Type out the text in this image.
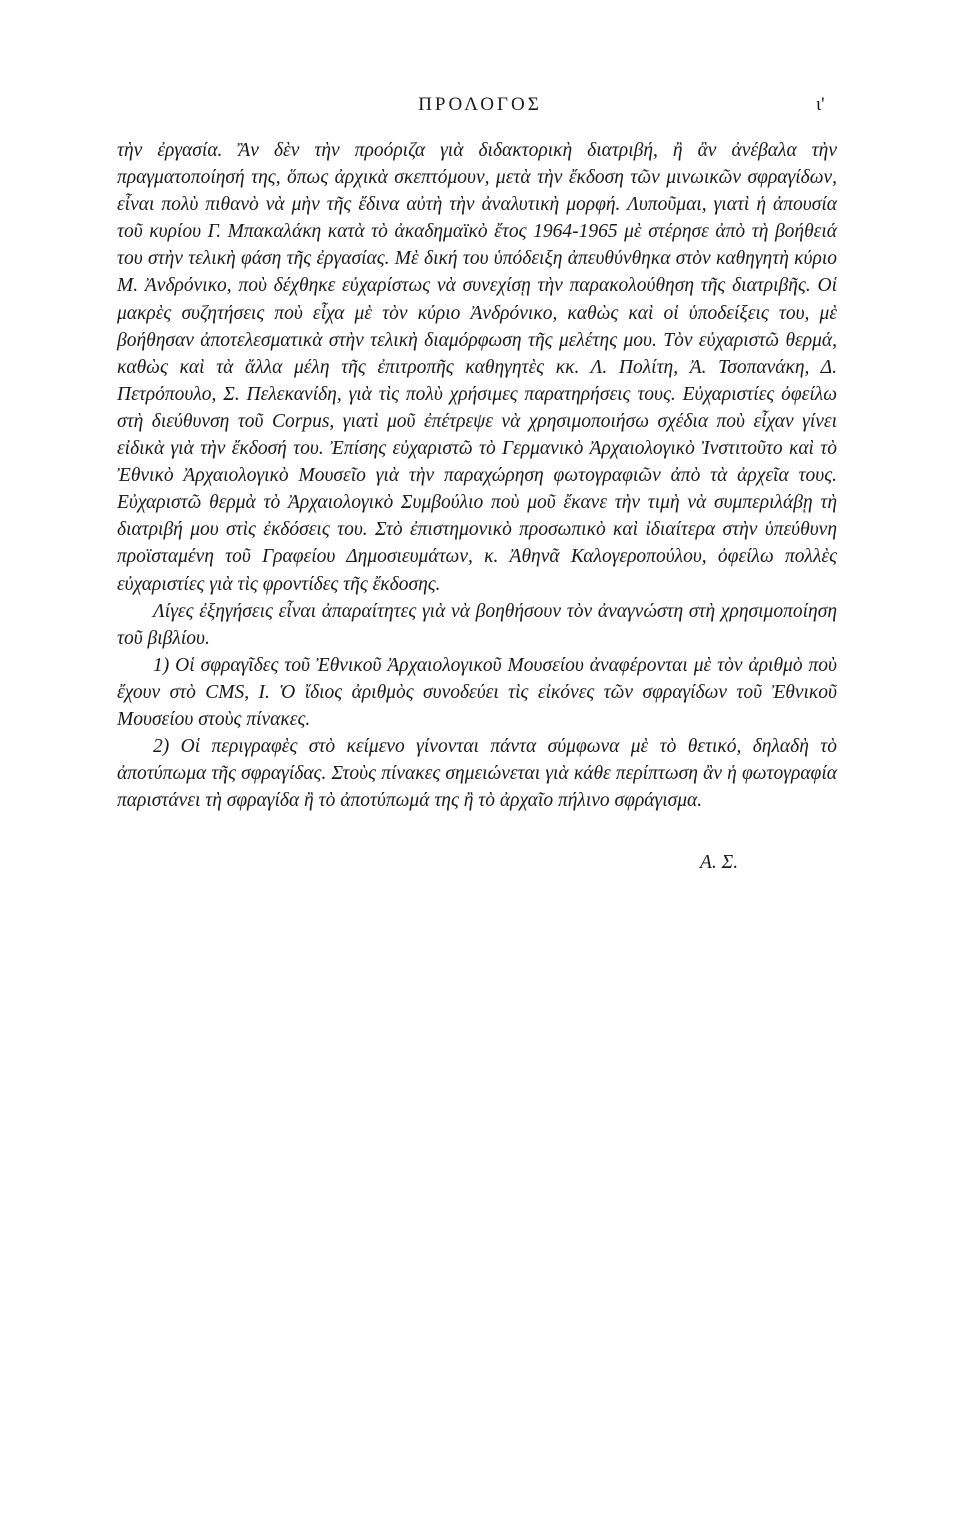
ΠΡΟΛΟΓΟΣ	ι'

τὴν ἐργασία. Ἂν δὲν τὴν προόριζα γιὰ διδακτορικὴ διατριβή, ἢ ἂν ἀνέβαλα τὴν πραγματοποίησή της, ὅπως ἀρχικὰ σκεπτόμουν, μετὰ τὴν ἔκδοση τῶν μινωικῶν σφραγίδων, εἶναι πολὺ πιθανὸ νὰ μὴν τῆς ἔδινα αὐτὴ τὴν ἀναλυτικὴ μορφή. Λυποῦμαι, γιατὶ ἡ ἀπουσία τοῦ κυρίου Γ. Μπακαλάκη κατὰ τὸ ἀκαδημαϊκὸ ἔτος 1964-1965 μὲ στέρησε ἀπὸ τὴ βοήθειά του στὴν τελικὴ φάση τῆς ἐργασίας. Μὲ δική του ὑπόδειξη ἀπευθύνθηκα στὸν καθηγητὴ κύριο Μ. Ἀνδρόνικο, ποὺ δέχθηκε εὐχαρίστως νὰ συνεχίσῃ τὴν παρακολούθηση τῆς διατριβῆς. Οἱ μακρὲς συζητήσεις ποὺ εἶχα μὲ τὸν κύριο Ἀνδρόνικο, καθὼς καὶ οἱ ὑποδείξεις του, μὲ βοήθησαν ἀποτελεσματικὰ στὴν τελικὴ διαμόρφωση τῆς μελέτης μου. Τὸν εὐχαριστῶ θερμά, καθὼς καὶ τὰ ἄλλα μέλη τῆς ἐπιτροπῆς καθηγητὲς κκ. Λ. Πολίτη, Ἀ. Τσοπανάκη, Δ. Πετρόπουλο, Σ. Πελεκανίδη, γιὰ τὶς πολὺ χρήσιμες παρατηρήσεις τους. Εὐχαριστίες ὀφείλω στὴ διεύθυνση τοῦ Corpus, γιατὶ μοῦ ἐπέτρεψε νὰ χρησιμοποιήσω σχέδια ποὺ εἶχαν γίνει εἰδικὰ γιὰ τὴν ἔκδοσή του. Ἐπίσης εὐχαριστῶ τὸ Γερμανικὸ Ἀρχαιολογικὸ Ἰνστιτοῦτο καὶ τὸ Ἐθνικὸ Ἀρχαιολογικὸ Μουσεῖο γιὰ τὴν παραχώρηση φωτογραφιῶν ἀπὸ τὰ ἀρχεῖα τους. Εὐχαριστῶ θερμὰ τὸ Ἀρχαιολογικὸ Συμβούλιο ποὺ μοῦ ἔκανε τὴν τιμὴ νὰ συμπεριλάβῃ τὴ διατριβή μου στὶς ἐκδόσεις του. Στὸ ἐπιστημονικὸ προσωπικὸ καὶ ἰδιαίτερα στὴν ὑπεύθυνη προϊσταμένη τοῦ Γραφείου Δημοσιευμάτων, κ. Ἀθηνᾶ Καλογεροπούλου, ὀφείλω πολλὲς εὐχαριστίες γιὰ τὶς φροντίδες τῆς ἔκδοσης.

Λίγες ἐξηγήσεις εἶναι ἀπαραίτητες γιὰ νὰ βοηθήσουν τὸν ἀναγνώστη στὴ χρησιμοποίηση τοῦ βιβλίου.

1) Οἱ σφραγῖδες τοῦ Ἐθνικοῦ Ἀρχαιολογικοῦ Μουσείου ἀναφέρονται μὲ τὸν ἀριθμὸ ποὺ ἔχουν στὸ CMS, I. Ὁ ἴδιος ἀριθμὸς συνοδεύει τὶς εἰκόνες τῶν σφραγίδων τοῦ Ἐθνικοῦ Μουσείου στοὺς πίνακες.

2) Οἱ περιγραφὲς στὸ κείμενο γίνονται πάντα σύμφωνα μὲ τὸ θετικό, δηλαδὴ τὸ ἀποτύπωμα τῆς σφραγίδας. Στοὺς πίνακες σημειώνεται γιὰ κάθε περίπτωση ἂν ἡ φωτογραφία παριστάνει τὴ σφραγίδα ἢ τὸ ἀποτύπωμά της ἢ τὸ ἀρχαῖο πήλινο σφράγισμα.

Α. Σ.
